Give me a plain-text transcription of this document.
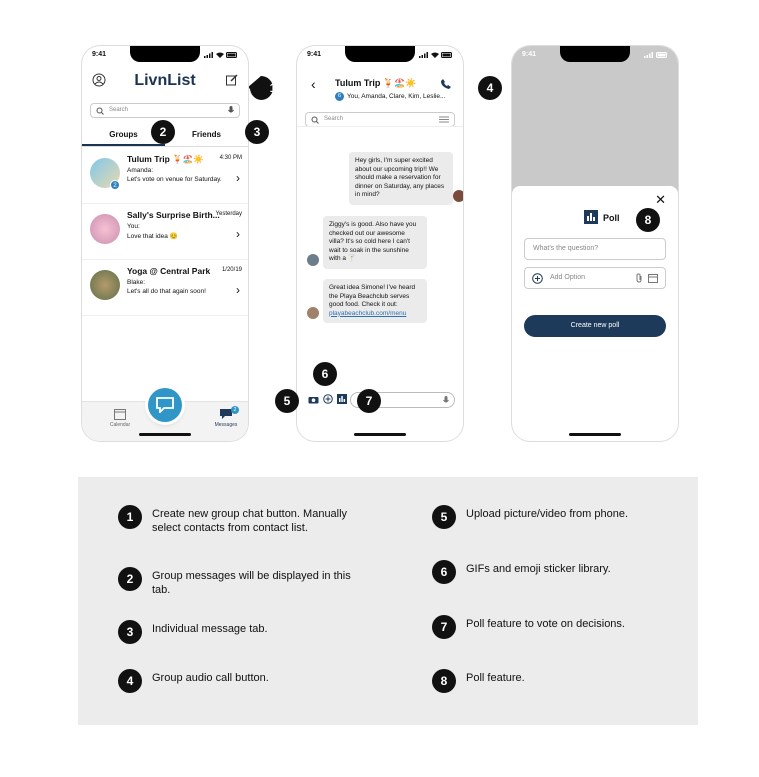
9:41
LivnList
Search
Groups	Friends
2
Tulum Trip 🍹🏖️☀️	4:30 PM
Amanda:
Let's vote on venue for Saturday. ›
Sally's Surprise Birth...
Yesterday
You:
Love that idea 😊	›
Yoga @ Central Park	1/20/19
Blake:
Let's all do that again soon!	›
Calendar
2
Messages
9:41
‹ Tulum Trip 🍹🏖️☀️
6 You, Amanda, Clare, Kim, Leslie...
Search
Hey girls, I'm super excited about our upcoming trip!! We should make a reservation for dinner on Saturday, any places in mind?
Ziggy's is good. Also have you checked out our awesome villa? It's so cold here I can't wait to soak in the sunshine with a 🍸
Great idea Simone! I've heard the Playa Beachclub serves good food. Check it out:
playabeachclub.com/menu
9:41
✕
Poll
What's the question?
Add Option
Create new poll
1
2	3
4
5
6
7
8
1	Create new group chat button. Manually select contacts from contact list.
2	Group messages will be displayed in this tab.
3	Individual message tab.
4	Group audio call button.
5	Upload picture/video from phone.
6	GIFs and emoji sticker library.
7	Poll feature to vote on decisions.
8	Poll feature.
